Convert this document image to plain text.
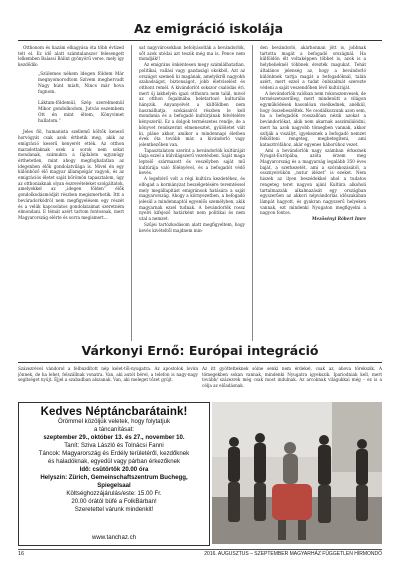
Az emigráció iskolája

Otthonom és hazám elhagyása óta több évtized telt el. Ez idő alatt számtalanszor felesengett lelkemben Balassi Bálint gyönyörű verse, mely így kezdődik:

„Szülemes nékem ldegen földem Már megnyomorodtom Szívem meghervadt Nagy búnt miatt, Nincs már hova fognom.
Láktam-földemül, Szép szerelmemül Mikor gondolkodom, Jutvás eszembem Ott én mint éltem, Könyvimet hullatom.”

Jeles föl, humanista szellemű költők kenező horvógyát csak azok érthetik meg, akik az emigráció keserű kenyerét ették. Az otthon maradottaknak ezek a sorok nem sokat mondanak, számukra a fájdalom ugyanúgy érthetetlen, mint ahogy megfoghatatlan az idegenben élők gondolatvilága is. Mivel én egy különböző élő magyar állampolgár vagyok, és az emigrációs életet saját bőrömön tapasztalom, úgy az otthoniaknak olyan észrevételeket szolgáltatok, amelyekkel az „idegen földen” élők gondolkodásmódját részben megismerhetik. Ittt a beváradorkódról nem megfigyelésem egy részét és a velük kapcsolatos gondolataimat szeretném elmondani. E témát azért tartom fontosnak, mert Magyarország elérte és sorra megismert...

sat nagyvárosokban befolyásolták a bevándorlók, sőt azok utódai azt teszik még ma is. Pence nem mondják!!

Az emigráns önkéntesen megy számlálhatatlan, politikai, vallási vagy gazdasági okokból. Azt az országot szemeli ki magának, amelyikről nagyobb szabadságot, biztonságot, jobb életviselést és otthont remél. A kivándorlót sokszor csalódás éri, mert új lakhelyén igazi otthonra nem talál, mivel az otthon fogalmába beletartozó kulturális hányzik. Anyanyelvét a külföldben nem használhatja, szokásairól részben le kell mondania és a befogadó kultúrjának felvételére kényszerül. Ez a dolgok természetes rendje, de a könyvet rendszerint elmenesztet, gyülöletet vált ki, pláne akkor, amikor a mindennapi életben évek óta tovább már, a kivándorló vagy jelentkezőben van.

Tapasztalatom szerint a bevándorlók kultúráját lázja ezzel a külvilágszerű vezetésben. Saját maga leptelő származott és veszélyben saját mű kultúrája való fölényével, és a befogadót védő kevés.

A legeltérő volt a régi kultúra kezdetéhez, és elfogad a kormányzat beszélgetésére teremtéssel mely megállapítást emigránsok hatására a saját magyarország. Ahogy a környezetben, a befogadó jelesül a mindennaptól egyenlős személyben, akik magyarnak ezzel tudnak. A bevándorlók rossz nyelvi kifejező határként nem politikai és nem utal a nemzet.

Szűjei tartózkodásom alatt megfigyeltem, hogy kevés kivételtől majdnem min-

den bevándorló, akárhonnan jött is, jobbnak tartotta magát a befogadó országnál. Ha külföldön élt voltaképpen többet is, azok is a helybelieknél többnek érezték magukat. Tehát általános jelenség az, hogy a bevándorló különbnek tartja magát a befogadóknál, talán azért, mert ezzel a tudat önbizalmát szerezte védeni a saját veszendőben lévő kultúráját.

A bevándorlók valóban nem rokonszenvesek, de természetszerűleg, mert mindenütt a világon egyműködések hasonlóan viselkednek, anélkül, hogy összebeszéltek. Ne csodálkozzunk azon sem, ha a befogadók rosszallóan nézik azokat a bevándorlókat, akik nem akarnak asszimilálódni, mert ha azok nagyobb tömegben vannak, akkor szítják a viszályt, igyekeznek a befogadó nemzet felkölteni rengeteg, megbetegíteni, ami katasztrófához, akár egyenes háborúhoz vezet.

Ami a bevándorlók nagy számban érkeznek Nyugat-Európába, azóta érzem meg Magyarország és a magyarság legalább 350 éves baját, a szerkezetét, ami a szórakozásától, a ossznyelvükön „nutur idézet” is ezeket. Nem hiszek az ilyen beszédekkel ahol a tudatos rengeteg teret nagyon ajánl Kultúra alkoholi tartalmazzák alkalmazását egy országban egyszerűen az akkori népvándorlás időszakában lámpát hagyott, és gyakran nagyszerű helyeken vannak, ezt mindenki Nyugaton megfigyelni a nagyon fontos.

Mezősényi Róbert Imre

Várkonyi Ernő: Európai integráció

Százezrével vándorol a felbuzdított nép kelet-től-nyugatra. Az apostolok lovún jönnek, de ha lehet, felszállnak vonatra. Van, aki autót bérel, a telefon is nagy-nagy segítséget nyújt. Éjjel a szabadban alszanak. Van, aki meleget tőzet gyújt.

Az itt gyöttetteknek sóine senki nem érdekel, csak az, ahova törekszik. A tömegekben sokan vannak, mindenki Nyugatra igyekszik. Ipariodniak kell, mert tovább/ százezrek még csak most indulnak. Az arcoknak világukkai még – ez is a célja az előadásnak.

Kedves Néptáncbarátaink!
Örömmel közöljük veletek, hogy folytatjuk
a táncanításat:
szeptember 29., október 13. és 27., november 10.
Tanít: Sziva László és Tolnácsi Fanni
Táncok: Magyarország és Erdély területéről, kezdőknek
és haladóknak, egyedül vagy párban érkezőknek
Idő: csütörtök 20.00 óra
Helyszín: Zürich, Gemeinschaftszentrum Buchegg,
Spiegelsaal
Költséghozzájárulás/este: 15.00 Fr.
20.00 órától büfé a FolkBárban!
Szeretettel várunk mindenkit!
www.tanchaz.ch
16	2016. AUGUSZTUS – SZEPTEMBER MAGYARHÁZ FÜGGETLEN HÍRMONDÓ
